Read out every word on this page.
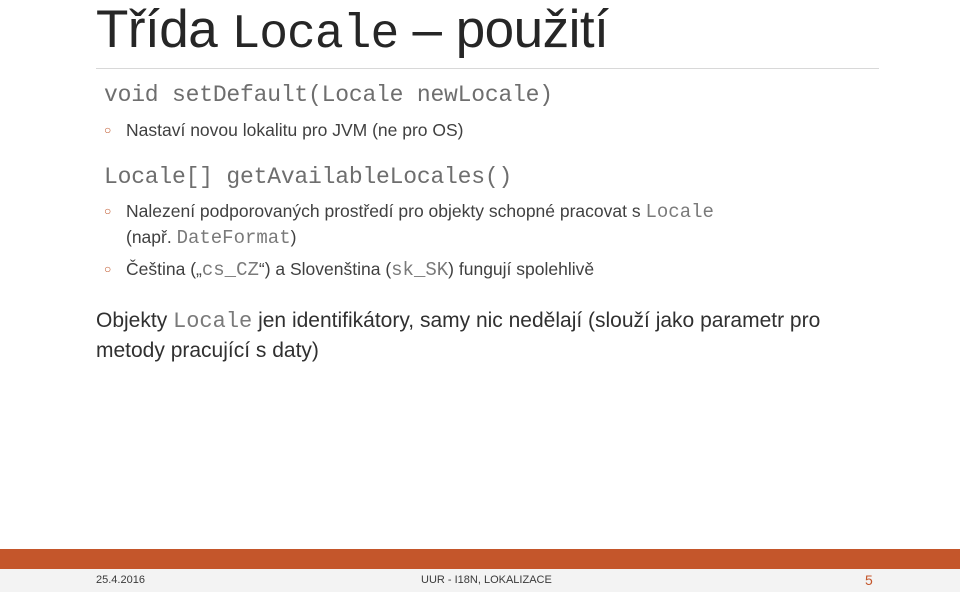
Třída Locale – použití
void setDefault(Locale newLocale)
○ Nastaví novou lokalitu pro JVM (ne pro OS)
Locale[] getAvailableLocales()
○ Nalezení podporovaných prostředí pro objekty schopné pracovat s Locale
(např. DateFormat)
○ Čeština („cs_CZ“) a Slovenština (sk_SK) fungují spolehlivě
Objekty Locale jen identifikátory, samy nic nedělají (slouží jako parametr pro metody pracující s daty)
25.4.2016	UUR - I18N, LOKALIZACE	5
